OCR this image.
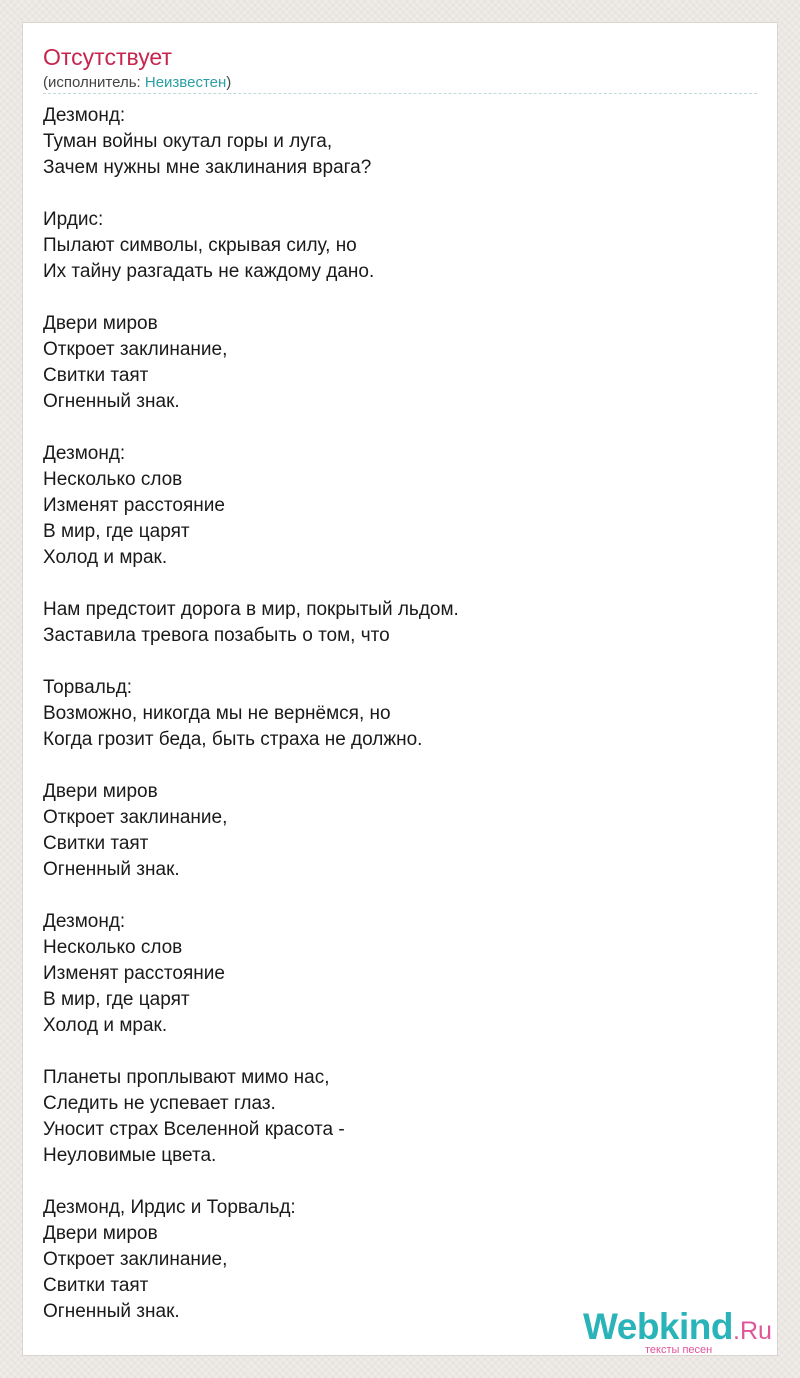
Отсутствует
(исполнитель: Неизвестен)
Дезмонд:
Туман войны окутал горы и луга,
Зачем нужны мне заклинания врага?
Ирдис:
Пылают символы, скрывая силу, но
Их тайну разгадать не каждому дано.
Двери миров
Откроет заклинание,
Свитки таят
Огненный знак.
Дезмонд:
Несколько слов
Изменят расстояние
В мир, где царят
Холод и мрак.
Нам предстоит дорога в мир, покрытый льдом.
Заставила тревога позабыть о том, что
Торвальд:
Возможно, никогда мы не вернёмся, но
Когда грозит беда, быть страха не должно.
Двери миров
Откроет заклинание,
Свитки таят
Огненный знак.
Дезмонд:
Несколько слов
Изменят расстояние
В мир, где царят
Холод и мрак.
Планеты проплывают мимо нас,
Следить не успевает глаз.
Уносит страх Вселенной красота -
Неуловимые цвета.
Дезмонд, Ирдис и Торвальд:
Двери миров
Откроет заклинание,
Свитки таят
Огненный знак.	Webkind.Ru
тексты песен
